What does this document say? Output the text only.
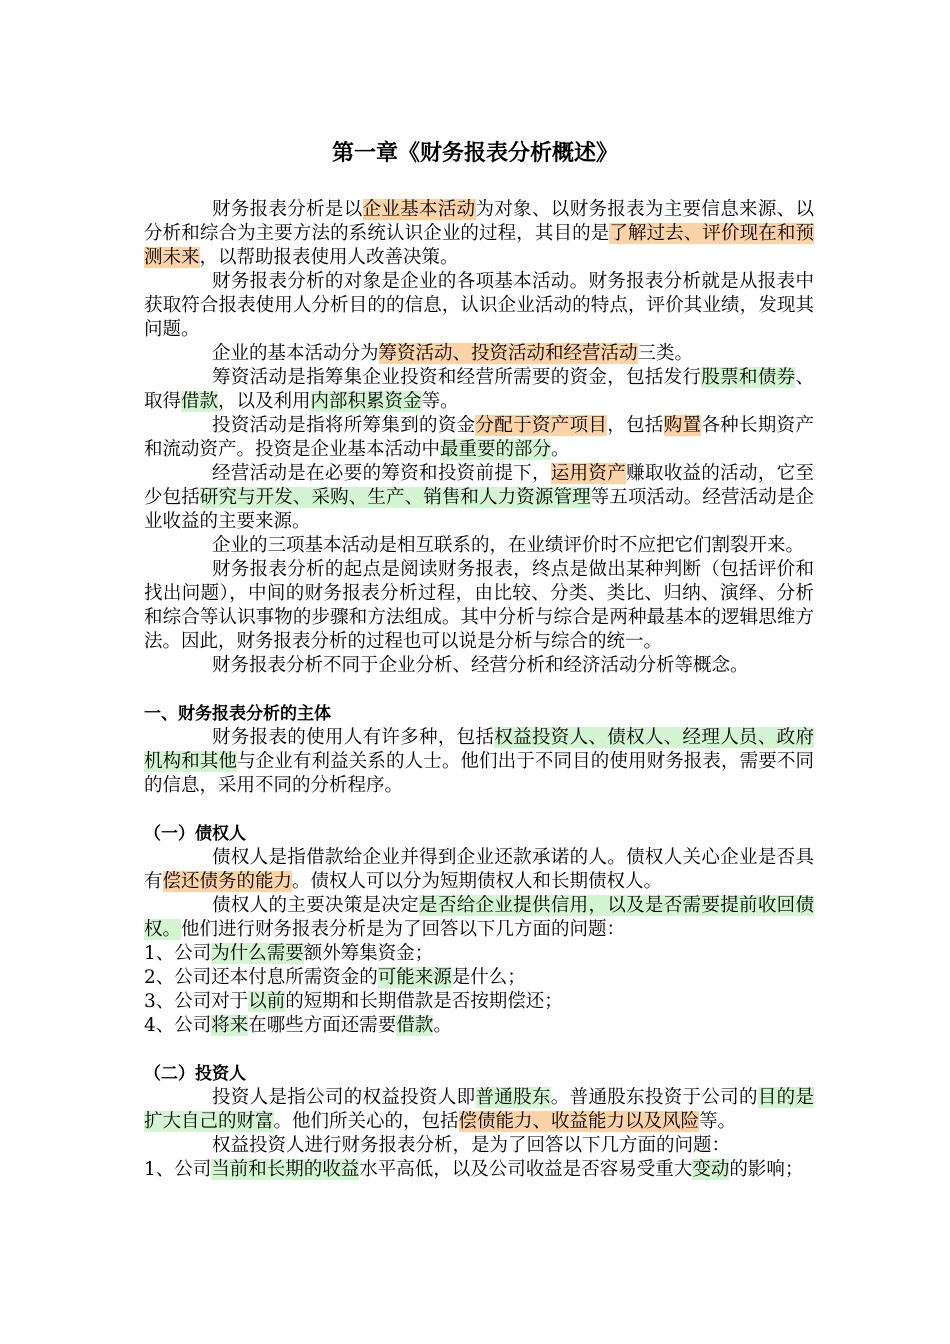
第一章《财务报表分析概述》
财务报表分析是以企业基本活动为对象、以财务报表为主要信息来源、以分析和综合为主要方法的系统认识企业的过程，其目的是了解过去、评价现在和预测未来，以帮助报表使用人改善决策。
财务报表分析的对象是企业的各项基本活动。财务报表分析就是从报表中获取符合报表使用人分析目的的信息，认识企业活动的特点，评价其业绩，发现其问题。
企业的基本活动分为筹资活动、投资活动和经营活动三类。
筹资活动是指筹集企业投资和经营所需要的资金，包括发行股票和债券、取得借款，以及利用内部积累资金等。
投资活动是指将所筹集到的资金分配于资产项目，包括购置各种长期资产和流动资产。投资是企业基本活动中最重要的部分。
经营活动是在必要的筹资和投资前提下，运用资产赚取收益的活动，它至少包括研究与开发、采购、生产、销售和人力资源管理等五项活动。经营活动是企业收益的主要来源。
企业的三项基本活动是相互联系的，在业绩评价时不应把它们割裂开来。
财务报表分析的起点是阅读财务报表，终点是做出某种判断（包括评价和找出问题），中间的财务报表分析过程，由比较、分类、类比、归纳、演绎、分析和综合等认识事物的步骤和方法组成。其中分析与综合是两种最基本的逻辑思维方法。因此，财务报表分析的过程也可以说是分析与综合的统一。
财务报表分析不同于企业分析、经营分析和经济活动分析等概念。
一、财务报表分析的主体
财务报表的使用人有许多种，包括权益投资人、债权人、经理人员、政府机构和其他与企业有利益关系的人士。他们出于不同目的使用财务报表，需要不同的信息，采用不同的分析程序。
（一）债权人
债权人是指借款给企业并得到企业还款承诺的人。债权人关心企业是否具有偿还债务的能力。债权人可以分为短期债权人和长期债权人。
债权人的主要决策是决定是否给企业提供信用，以及是否需要提前收回债权。他们进行财务报表分析是为了回答以下几方面的问题：
1、公司为什么需要额外筹集资金；
2、公司还本付息所需资金的可能来源是什么；
3、公司对于以前的短期和长期借款是否按期偿还；
4、公司将来在哪些方面还需要借款。
（二）投资人
投资人是指公司的权益投资人即普通股东。普通股东投资于公司的目的是扩大自己的财富。他们所关心的，包括偿债能力、收益能力以及风险等。
权益投资人进行财务报表分析，是为了回答以下几方面的问题：
1、公司当前和长期的收益水平高低，以及公司收益是否容易受重大变动的影响；
